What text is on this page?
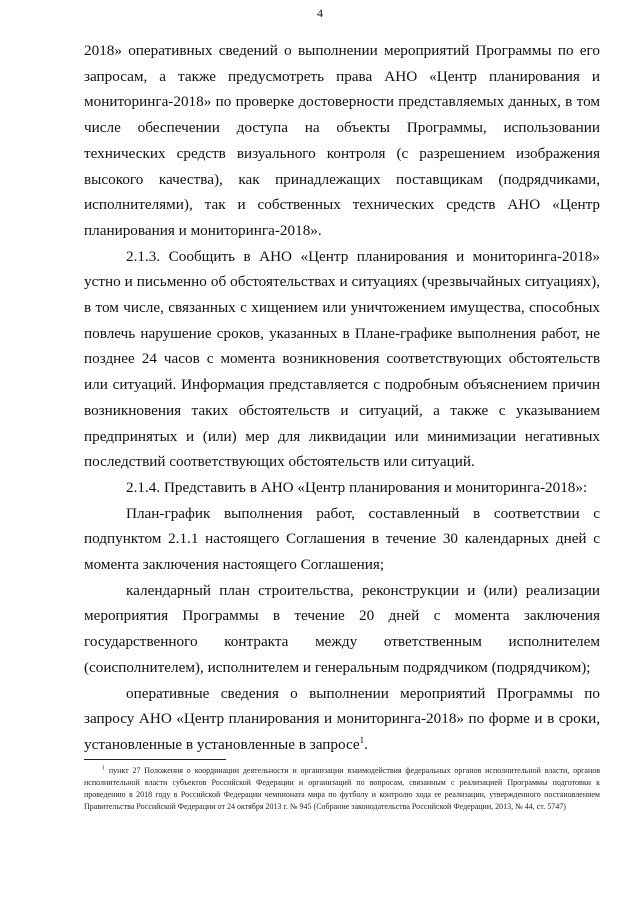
4

2018» оперативных сведений о выполнении мероприятий Программы по его запросам, а также предусмотреть права АНО «Центр планирования и мониторинга-2018» по проверке достоверности представляемых данных, в том числе обеспечении доступа на объекты Программы, использовании технических средств визуального контроля (с разрешением изображения высокого качества), как принадлежащих поставщикам (подрядчиками, исполнителями), так и собственных технических средств АНО «Центр планирования и мониторинга-2018».

2.1.3. Сообщить в АНО «Центр планирования и мониторинга-2018» устно и письменно об обстоятельствах и ситуациях (чрезвычайных ситуациях), в том числе, связанных с хищением или уничтожением имущества, способных повлечь нарушение сроков, указанных в Плане-графике выполнения работ, не позднее 24 часов с момента возникновения соответствующих обстоятельств или ситуаций. Информация представляется с подробным объяснением причин возникновения таких обстоятельств и ситуаций, а также с указыванием предпринятых и (или) мер для ликвидации или минимизации негативных последствий соответствующих обстоятельств или ситуаций.

2.1.4. Представить в АНО «Центр планирования и мониторинга-2018»:

План-график выполнения работ, составленный в соответствии с подпунктом 2.1.1 настоящего Соглашения в течение 30 календарных дней с момента заключения настоящего Соглашения;

календарный план строительства, реконструкции и (или) реализации мероприятия Программы в течение 20 дней с момента заключения государственного контракта между ответственным исполнителем (соисполнителем), исполнителем и генеральным подрядчиком (подрядчиком);

оперативные сведения о выполнении мероприятий Программы по запросу АНО «Центр планирования и мониторинга-2018» по форме и в сроки, установленные в установленные в запросе$^1$.

$^1$ пункт 27 Положения о координации деятельности и организации взаимодействия федеральных органов исполнительной власти, органов исполнительной власти субъектов Российской Федерации и организаций по вопросам, связанным с реализацией Программы подготовки к проведению в 2018 году в Российской Федерации чемпионата мира по футболу и контролю хода ее реализации, утвержденного постановлением Правительства Российской Федерации от 24 октября 2013 г. № 945 (Собрание законодательства Российской Федерации, 2013, № 44, ст. 5747)
